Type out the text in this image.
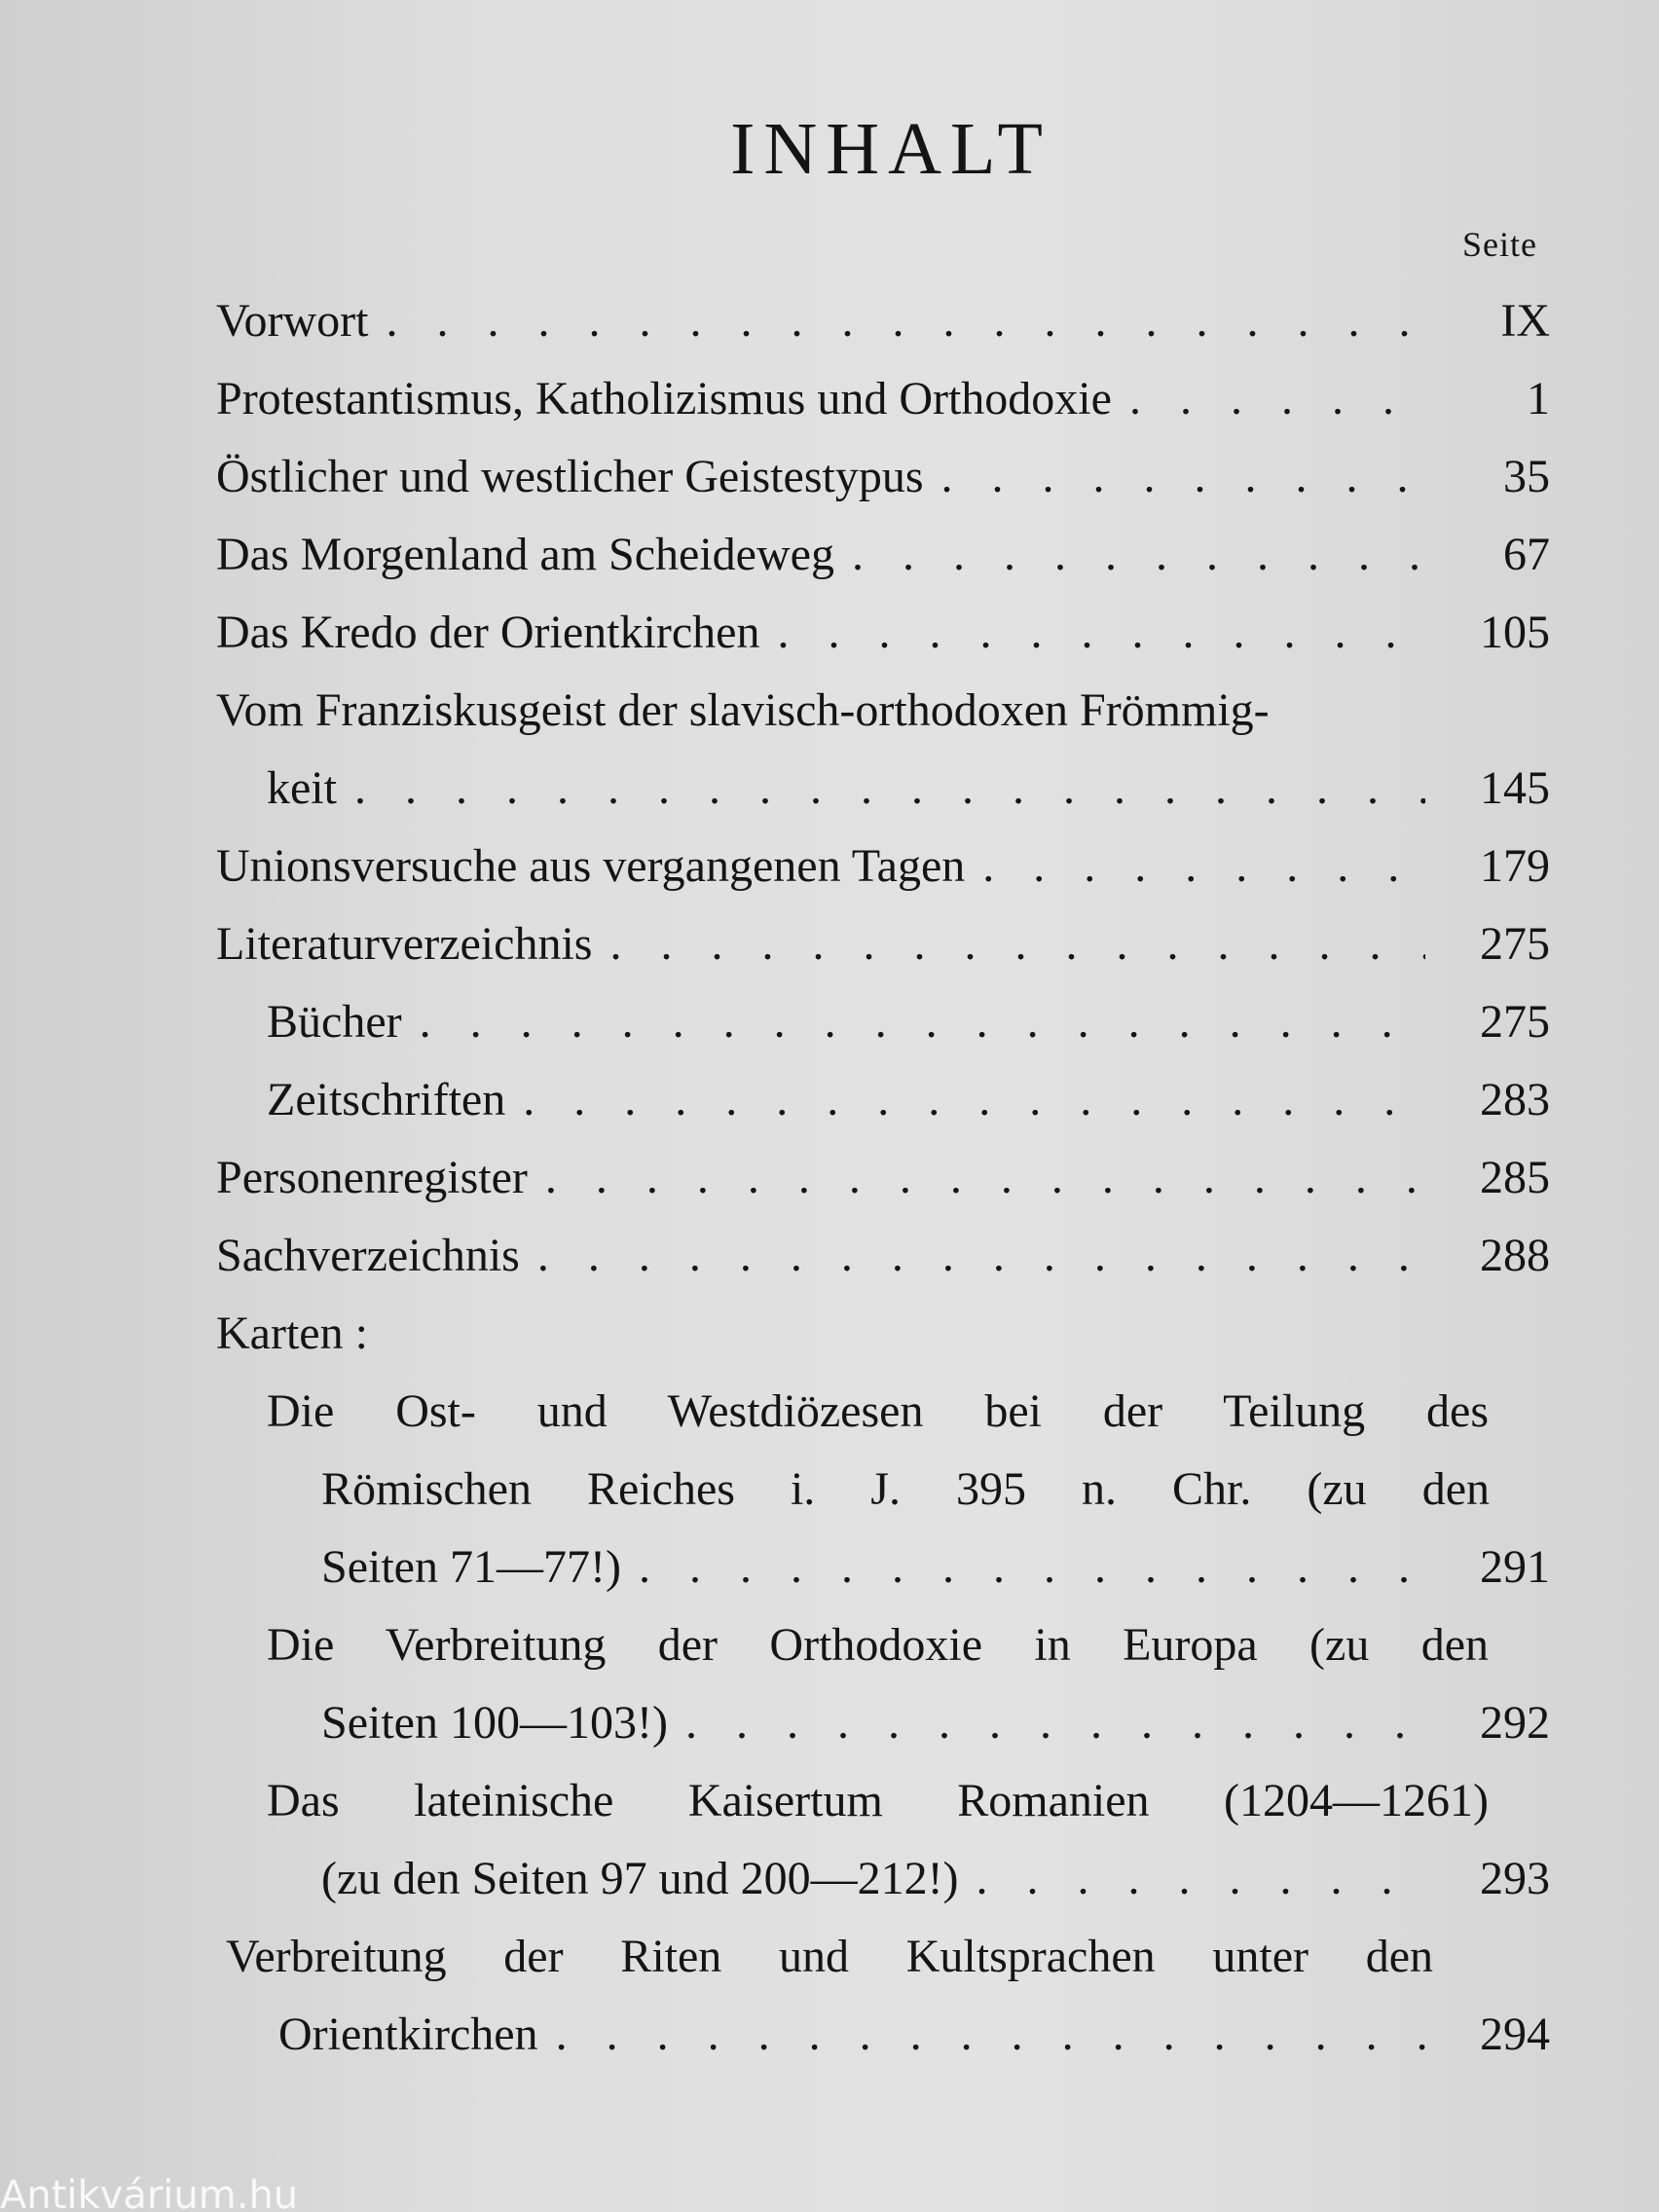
INHALT
Seite
Vorwort . . .	IX
Protestantismus, Katholizismus und Orthodoxie . . .	1
Östlicher und westlicher Geistestypus . . .	35
Das Morgenland am Scheideweg . . .	67
Das Kredo der Orientkirchen . . .	105
Vom Franziskusgeist der slavisch-orthodoxen Frömmig-
keit . . .	145
Unionsversuche aus vergangenen Tagen . . .	179
Literaturverzeichnis . . .	275
Bücher . . .	275
Zeitschriften . . .	283
Personenregister . . .	285
Sachverzeichnis . . .	288
Karten :
Die Ost- und Westdiözesen bei der Teilung des
Römischen Reiches i. J. 395 n. Chr. (zu den
Seiten 71—77!) . . .	291
Die Verbreitung der Orthodoxie in Europa (zu den
Seiten 100—103!) . . .	292
Das lateinische Kaisertum Romanien (1204—1261)
(zu den Seiten 97 und 200—212!) . . .	293
Verbreitung der Riten und Kultsprachen unter den
Orientkirchen . . .	294
Antikvárium.hu
